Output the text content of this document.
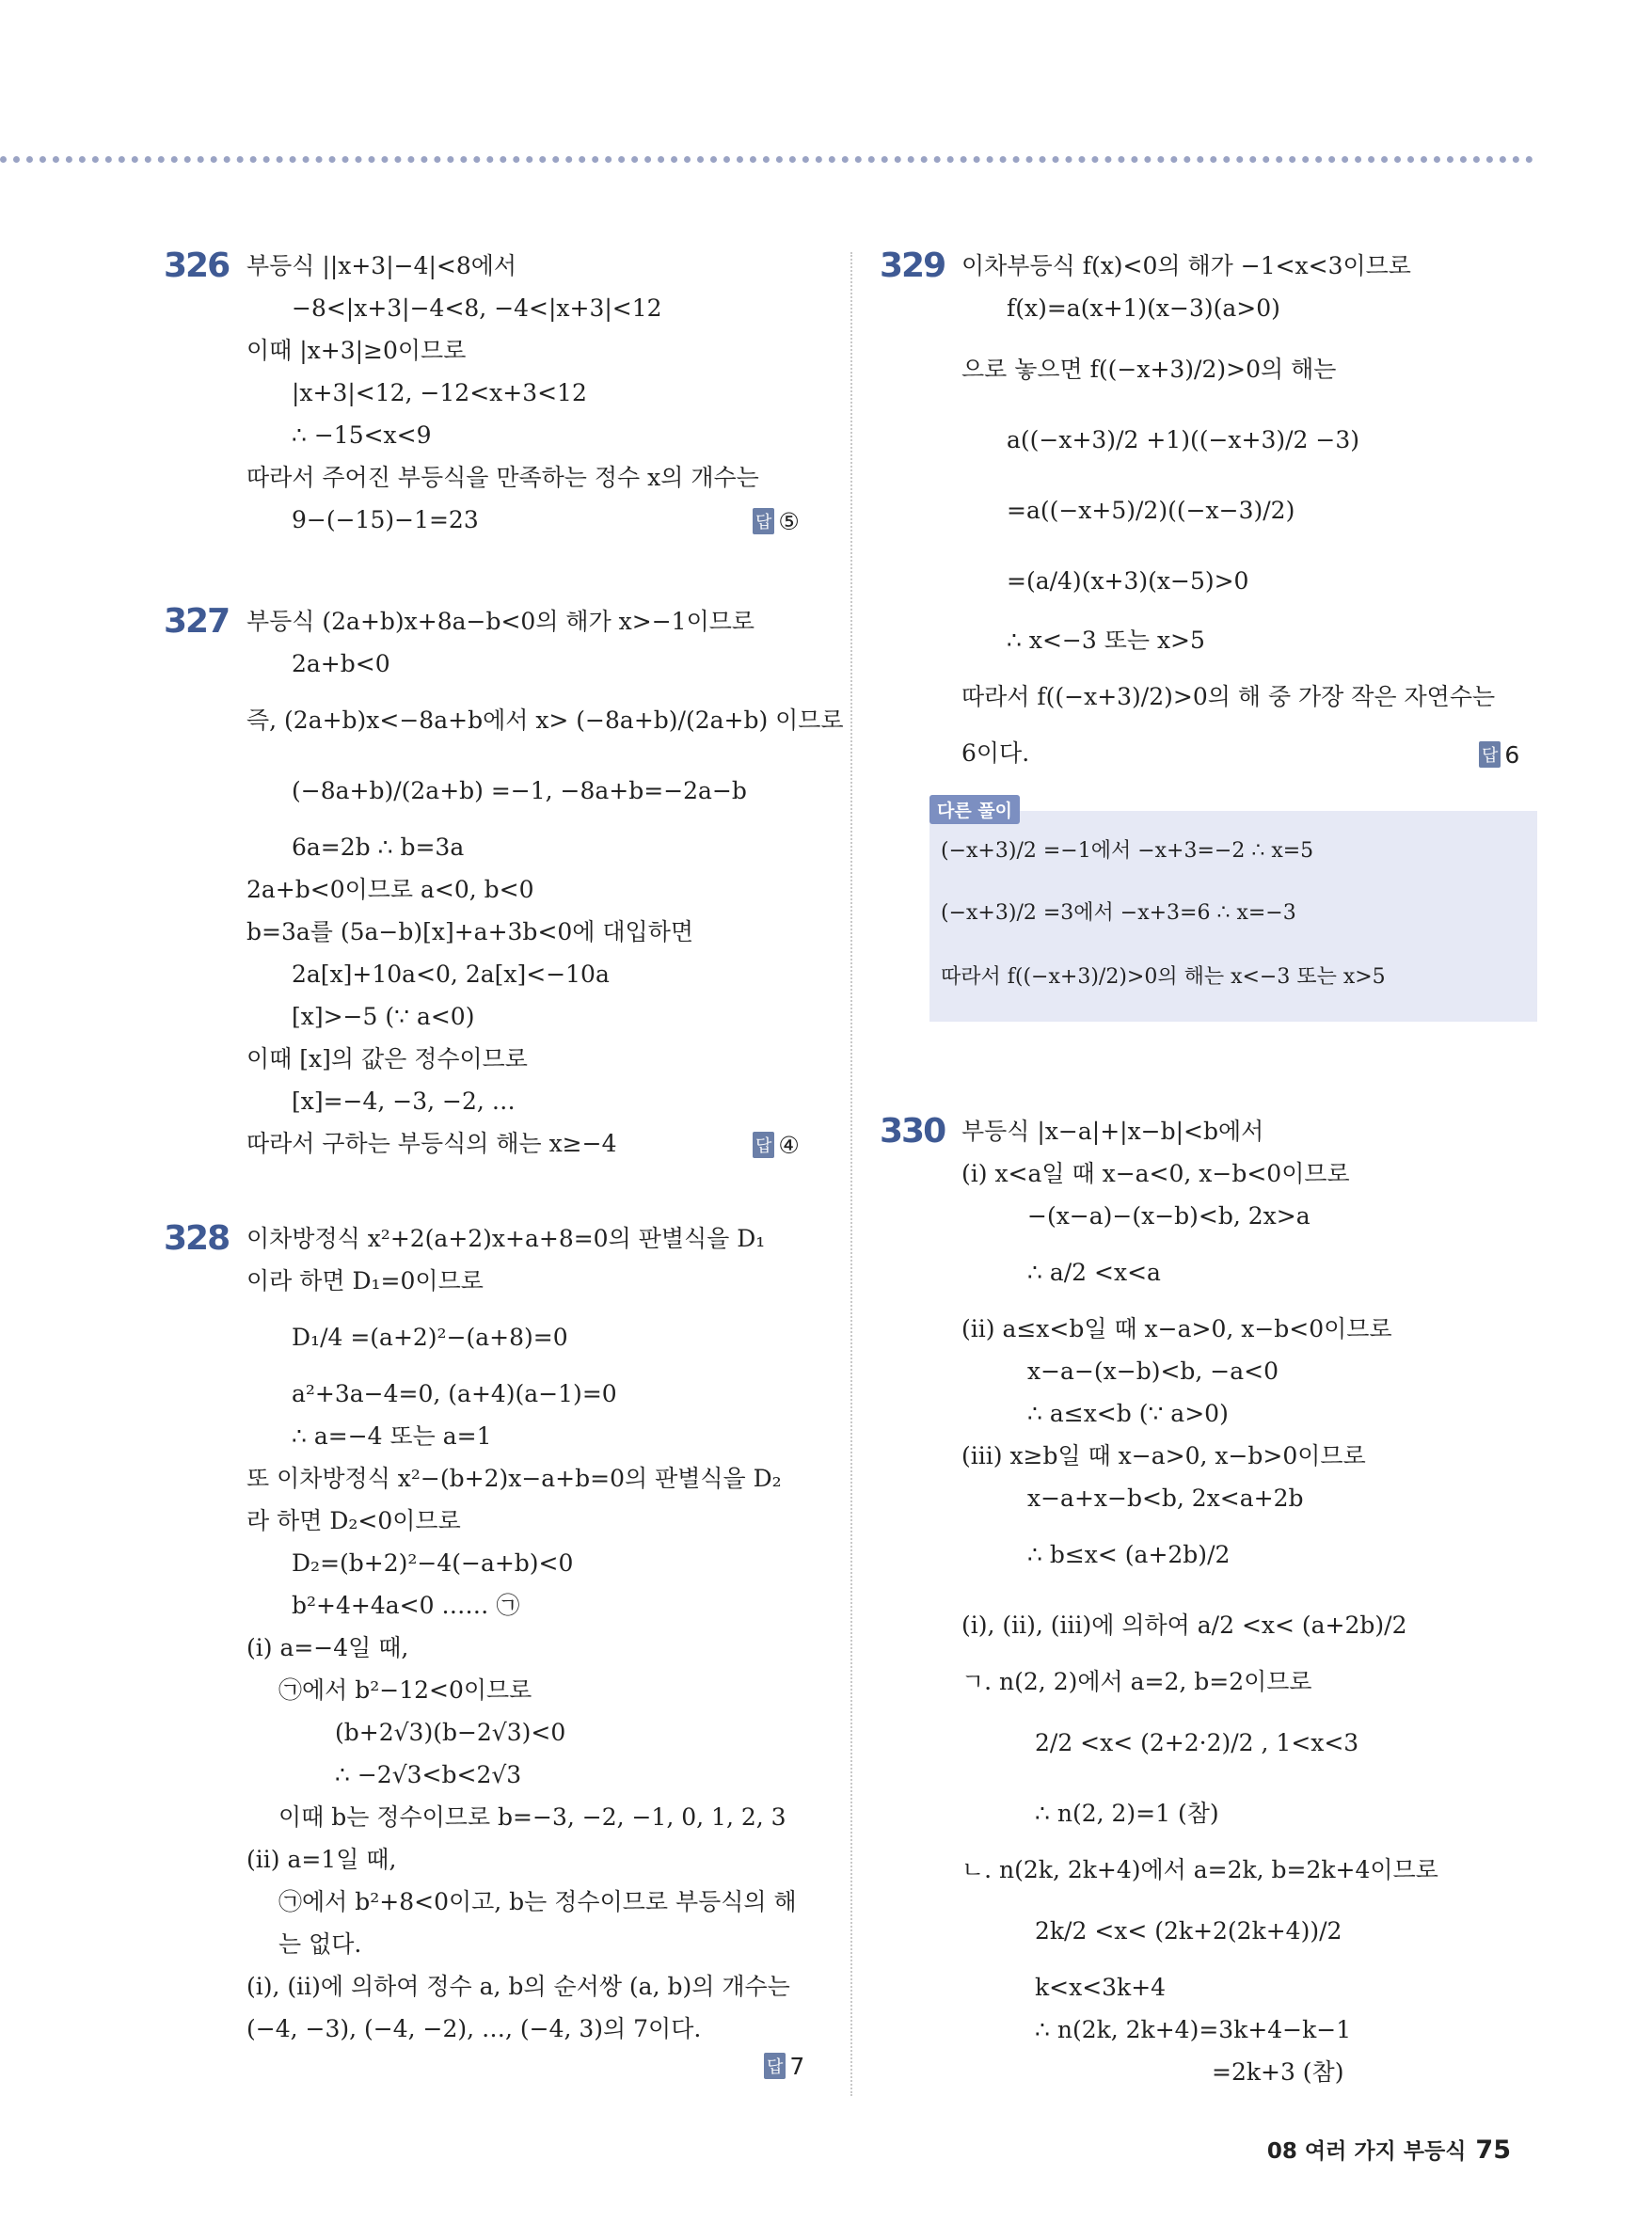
326 부등식 ||x+3|−4|<8에서
−8<|x+3|−4<8, −4<|x+3|<12
이때 |x+3|≥0이므로
|x+3|<12, −12<x+3<12
∴ −15<x<9
따라서 주어진 부등식을 만족하는 정수 x의 개수는
9−(−15)−1=23	답 ⑤
327 부등식 (2a+b)x+8a−b<0의 해가 x>−1이므로
2a+b<0
즉, (2a+b)x<−8a+b에서 x> (−8a+b)/(2a+b) 이므로
(−8a+b)/(2a+b) =−1, −8a+b=−2a−b
6a=2b ∴ b=3a
2a+b<0이므로 a<0, b<0
b=3a를 (5a−b)[x]+a+3b<0에 대입하면
2a[x]+10a<0, 2a[x]<−10a
[x]>−5 (∵ a<0)
이때 [x]의 값은 정수이므로
[x]=−4, −3, −2, …
따라서 구하는 부등식의 해는 x≥−4	답 ④
328 이차방정식 x²+2(a+2)x+a+8=0의 판별식을 D₁
이라 하면 D₁=0이므로
D₁/4 =(a+2)²−(a+8)=0
a²+3a−4=0, (a+4)(a−1)=0
∴ a=−4 또는 a=1
또 이차방정식 x²−(b+2)x−a+b=0의 판별식을 D₂
라 하면 D₂<0이므로
D₂=(b+2)²−4(−a+b)<0
b²+4+4a<0 …… ㉠
(i) a=−4일 때,
㉠에서 b²−12<0이므로
(b+2√3)(b−2√3)<0
∴ −2√3<b<2√3
이때 b는 정수이므로 b=−3, −2, −1, 0, 1, 2, 3
(ii) a=1일 때,
㉠에서 b²+8<0이고, b는 정수이므로 부등식의 해
는 없다.
(i), (ii)에 의하여 정수 a, b의 순서쌍 (a, b)의 개수는
(−4, −3), (−4, −2), …, (−4, 3)의 7이다.
답 7
329 이차부등식 f(x)<0의 해가 −1<x<3이므로
f(x)=a(x+1)(x−3)(a>0)
으로 놓으면 f((−x+3)/2)>0의 해는
a((−x+3)/2 +1)((−x+3)/2 −3)
=a((−x+5)/2)((−x−3)/2)
=(a/4)(x+3)(x−5)>0
∴ x<−3 또는 x>5
따라서 f((−x+3)/2)>0의 해 중 가장 작은 자연수는
6이다.	답 6
다른 풀이
(−x+3)/2 =−1에서 −x+3=−2 ∴ x=5
(−x+3)/2 =3에서 −x+3=6 ∴ x=−3
따라서 f((−x+3)/2)>0의 해는 x<−3 또는 x>5
330 부등식 |x−a|+|x−b|<b에서
(i) x<a일 때 x−a<0, x−b<0이므로
−(x−a)−(x−b)<b, 2x>a
∴ a/2 <x<a
(ii) a≤x<b일 때 x−a>0, x−b<0이므로
x−a−(x−b)<b, −a<0
∴ a≤x<b (∵ a>0)
(iii) x≥b일 때 x−a>0, x−b>0이므로
x−a+x−b<b, 2x<a+2b
∴ b≤x< (a+2b)/2
(i), (ii), (iii)에 의하여 a/2 <x< (a+2b)/2
ㄱ. n(2, 2)에서 a=2, b=2이므로
2/2 <x< (2+2·2)/2 , 1<x<3
∴ n(2, 2)=1 (참)
ㄴ. n(2k, 2k+4)에서 a=2k, b=2k+4이므로
2k/2 <x< (2k+2(2k+4))/2
k<x<3k+4
∴ n(2k, 2k+4)=3k+4−k−1
=2k+3 (참)
08 여러 가지 부등식 75
